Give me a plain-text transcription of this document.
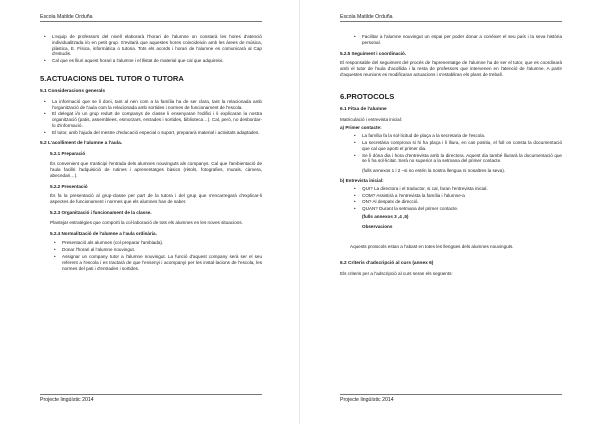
Escola Matilde Orduña
• L'equip de professors del nivell elaborarà l'horari de l'alumne on constarà les hores d'atenció individualitzada i/o en petit grup. S'evitarà que aquestes hores coincideixin amb les àrees de música, plàstica, E. Física, informàtica o tutoria. Tots els acords i horari de l'alumne es comunicarà al Cap d'estudis.
• Cal que es lliuri aquest horari a l'alumne i el llistat de material que cal que adquireixi.
5.ACTUACIONS DEL TUTOR O TUTORA
5.1 Consideracions generals
• La informació que se li doni, tant al nen com a la família ha de ser clara, tant la relacionada amb l'organització de l'aula com la relacionada amb sortides i normes de funcionament de l'escola.
• El delegat i/o un grup reduït de companys de classe li ensenyaran l'edifici i li explicaran la nostra organització (patis, assemblees, esmorzars, entrades i sortides, biblioteca…). Cal, però, no desbordar-lo d'informació.
• El tutor, amb l'ajuda del mestre d'educació especial o suport, prepararà material i activitats adaptades.
5.2 L'acolliment de l'alumne a l'aula.
5.2.1 Preparació

És convenient que s'anticipi l'entrada dels alumnes nouvinguts als companys. Cal que l'ambientació de l'aula faciliti l'adquisició de rutines i aprenentatges bàsics (rètols, fotografies, murals, càmera, abecedari…).

5.2.2 Presentació

És fa la presentació al grup-classe per part de la tutora i del grup que s'encarregarà d'explicar-li aspectes de funcionament i normes que els alumnes han de saber.

5.2.3 Organització i funcionament de la classe.

Plantejar estratègies que comporti la col·laboració de tots els alumnes en les noves situacions.

5.2.4 Normalització de l'alumne a l'aula ordinària.
• Presentació als alumnes (col·preparar l'ambiada).
• Donar l'horari al l'alumne nouvingut.
• Assignar un company tutor a l'alumne nouvingut. La funció d'aquest company serà ser el seu referent a l'escola i es tractarà de que l'ensenyi i acompanyi per les instal·lacions de l'escola, les normes del pati i d'entrades i sortides.
Projecte lingüístic 2014
Escola Matilde Orduña
• Facilitar a l'alumne nouvingut un espai per poder donar a conèixer el seu país i la seva història personal.
5.2.5 Seguiment i coordinació.

El responsable del seguiment del procés de l'aprenentatge de l'alumne ha de ser el tutor, que es coordinarà amb el tutor de l'aula d'acollida i la resta de professors que intervenen en l'atenció de l'alumne. A partir d'aquestes reunions es modificaran actuacions i s'establiran els plans de treball.

6.PROTOCOLS
6.1 Fitxa de l'alumne
Matriculació i entrevista inicial:
a) Primer contacte:
• La família fa la sol·licitud de plaça a la secretaria de l'escola.
• La secretària comprova si hi ha plaça i li lliura, en cas positiu, el full on consta la documentació que cal que aporti el primer dia.
• Se li dóna dia i hora d'entrevista amb la directora. Aquest dia també lliurarà la documentació que se li ha sol·licitat. Serà no superior a la setmana del primer contacte.

(fulls annexos 1 i 2 –si no entén la nostra llengua ni nosaltres la seva).

b) Entrevista inicial:
• QUI? La directora i el traductor, si cal, faran l'entrevista inicial.
• COM? Assistirà a l'entrevista la família i l'alumne-a
• ON? Al despatx de direcció.
• QUAN? Durant la setmana del primer contacte.

(fulls annexos 3 ,4 ,5)

Observacions

Aquests protocols estan a l'abast en totes les llengües dels alumnes nouvinguts.

6.2 Criteris d'adscripció al curs (annex 6)

Els criteris per a l'adscripció al curs seran els següents:

Projecte lingüístic 2014
